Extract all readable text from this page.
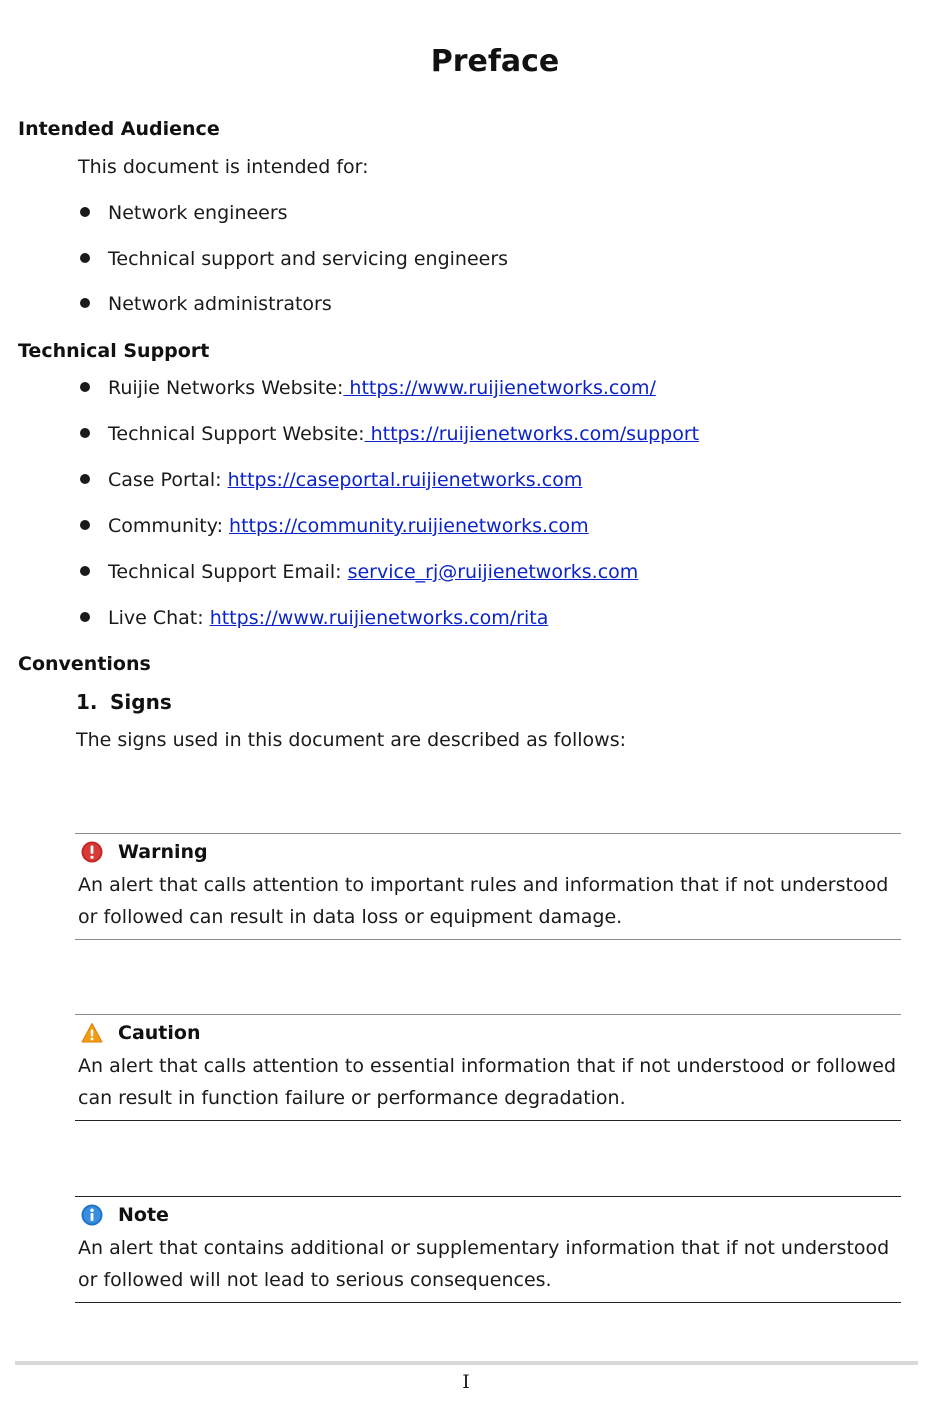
Preface
Intended Audience
This document is intended for:
Network engineers
Technical support and servicing engineers
Network administrators
Technical Support
Ruijie Networks Website: https://www.ruijienetworks.com/
Technical Support Website: https://ruijienetworks.com/support
Case Portal: https://caseportal.ruijienetworks.com
Community: https://community.ruijienetworks.com
Technical Support Email: service_rj@ruijienetworks.com
Live Chat: https://www.ruijienetworks.com/rita
Conventions
1. Signs
The signs used in this document are described as follows:
Warning
An alert that calls attention to important rules and information that if not understood or followed can result in data loss or equipment damage.
Caution
An alert that calls attention to essential information that if not understood or followed can result in function failure or performance degradation.
Note
An alert that contains additional or supplementary information that if not understood or followed will not lead to serious consequences.
I
